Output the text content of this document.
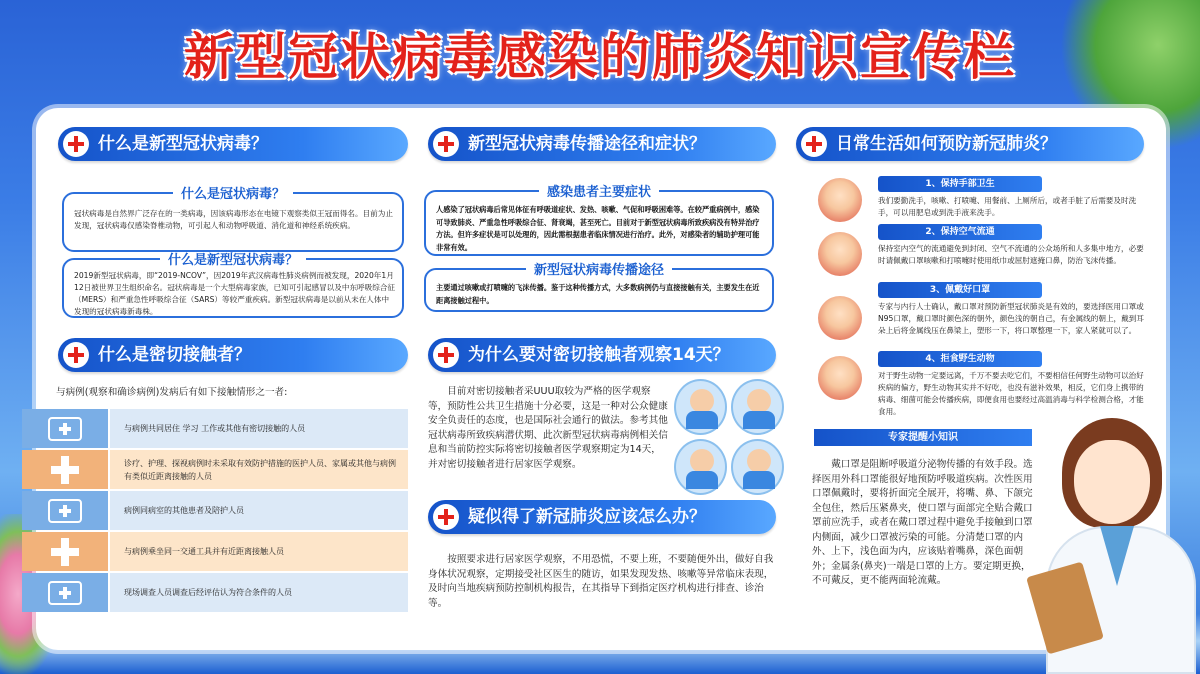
新型冠状病毒感染的肺炎知识宣传栏
什么是新型冠状病毒？
什么是冠状病毒？
冠状病毒是自然界广泛存在的一类病毒，因该病毒形态在电镜下观察类似王冠而得名。目前为止发现，冠状病毒仅感染脊椎动物，可引起人和动物呼吸道、消化道和神经系统疾病。
什么是新型冠状病毒？
2019新型冠状病毒，即“2019-NCOV”，因2019年武汉病毒性肺炎病例而被发现，2020年1月12日被世界卫生组织命名。冠状病毒是一个大型病毒家族，已知可引起感冒以及中东呼吸综合征（MERS）和严重急性呼吸综合征（SARS）等较严重疾病。新型冠状病毒是以前从未在人体中发现的冠状病毒新毒株。
什么是密切接触者？
与病例(观察和确诊病例)发病后有如下接触情形之一者:
与病例共同居住 学习 工作或其他有密切接触的人员
诊疗、护理、探视病例时未采取有效防护措施的医护人员、家属或其他与病例有类似近距离接触的人员
病例同病室的其他患者及陪护人员
与病例乘坐同一交通工具并有近距离接触人员
现场调查人员调查后经评估认为符合条件的人员
新型冠状病毒传播途径和症状？
感染患者主要症状
人感染了冠状病毒后常见体征有呼吸道症状、发热、咳嗽、气促和呼吸困难等。在较严重病例中，感染可导致肺炎、严重急性呼吸综合征、肾衰竭，甚至死亡。目前对于新型冠状病毒所致疾病没有特异治疗方法。但许多症状是可以处理的，因此需根据患者临床情况进行治疗。此外，对感染者的辅助护理可能非常有效。
新型冠状病毒传播途径
主要通过咳嗽或打喷嚏的飞沫传播。鉴于这种传播方式，大多数病例仍与直接接触有关，主要发生在近距离接触过程中。
为什么要对密切接触者观察14天？
目前对密切接触者采UUU取较为严格的医学观察等，预防性公共卫生措施十分必要，这是一种对公众健康安全负责任的态度，也是国际社会通行的做法。参考其他冠状病毒所致疾病潜伏期、此次新型冠状病毒病例相关信息和当前防控实际将密切接触者医学观察期定为14天，并对密切接触者进行居家医学观察。
疑似得了新冠肺炎应该怎么办？
按照要求进行居家医学观察，不用恐慌，不要上班，不要随便外出，做好自我身体状况观察，定期接受社区医生的随访，如果发现发热、咳嗽等异常临床表现，及时向当地疾病预防控制机构报告，在其指导下到指定医疗机构进行排查、诊治等。
日常生活如何预防新冠肺炎？
1、保持手部卫生
我们要勤洗手，咳嗽、打喷嚏、用餐前、上厕所后，或者手脏了后需要及时洗手，可以用肥皂或到洗手液来洗手。
2、保持空气流通
保持室内空气的流通避免到封闭、空气不流通的公众场所和人多集中地方，必要时请佩戴口罩咳嗽和打喷嚏时使用纸巾或屈肘遮掩口鼻，防治飞沫传播。
3、佩戴好口罩
专家与内行人士确认，戴口罩对预防新型冠状肺炎是有效的，要选择医用口罩或N95口罩，戴口罩时颜色深的朝外，颜色浅的朝自己，有金属线的朝上，戴到耳朵上后将金属线压在鼻梁上，塑形一下，将口罩整理一下，家人紧就可以了。
4、拒食野生动物
对于野生动物一定要远离，千万不要去吃它们，不要相信任何野生动物可以治好疾病的偏方，野生动物其实并不好吃，也没有滋补效果，相反，它们身上携带的病毒、细菌可能会传播疾病，即便食用也要经过高温消毒与科学检测合格，才能食用。
专家提醒小知识
戴口罩是阻断呼吸道分泌物传播的有效手段。选择医用外科口罩能很好地预防呼吸道疾病。次性医用口罩佩戴时，要将折面完全展开，将嘴、鼻、下颌完全包住，然后压紧鼻夹，使口罩与面部完全贴合戴口罩前应洗手，或者在戴口罩过程中避免手接触到口罩内侧面，减少口罩被污染的可能。分清楚口罩的内外、上下，浅色面为内，应该贴着嘴鼻，深色面朝外；金属条(鼻夹)一端是口罩的上方。要定期更换，不可戴反，更不能两面轮流戴。
